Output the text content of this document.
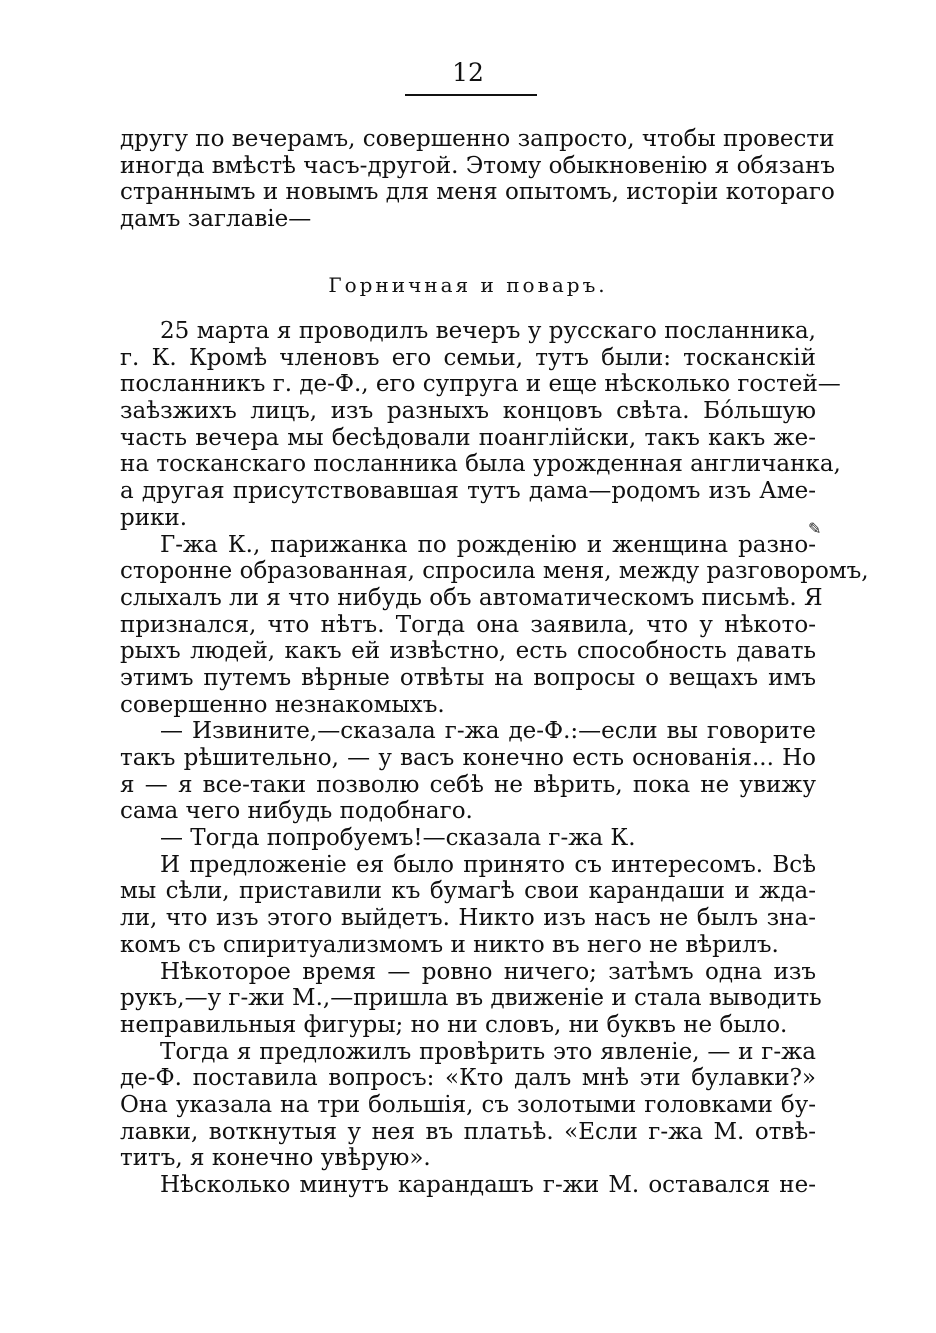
12
другу по вечерамъ, совершенно запросто, чтобы провести
иногда вмѣстѣ часъ-другой. Этому обыкновенію я обязанъ
страннымъ и новымъ для меня опытомъ, исторіи котораго
дамъ заглавіе—
Горничная и поваръ.
25 марта я проводилъ вечеръ у русскаго посланника,
г. К. Кромѣ членовъ его семьи, тутъ были: тосканскій
посланникъ г. де-Ф., его супруга и еще нѣсколько гостей—
заѣзжихъ лицъ, изъ разныхъ концовъ свѣта. Бо́льшую
часть вечера мы бесѣдовали поанглійски, такъ какъ же-
на тосканскаго посланника была урожденная англичанка,
а другая присутствовавшая тутъ дама—родомъ изъ Аме-
рики.
Г-жа К., парижанка по рожденію и женщина разно-
сторонне образованная, спросила меня, между разговоромъ,
слыхалъ ли я что нибудь объ автоматическомъ письмѣ. Я
признался, что нѣтъ. Тогда она заявила, что у нѣкото-
рыхъ людей, какъ ей извѣстно, есть способность давать
этимъ путемъ вѣрные отвѣты на вопросы о вещахъ имъ
совершенно незнакомыхъ.
— Извините,—сказала г-жа де-Ф.:—если вы говорите
такъ рѣшительно, — у васъ конечно есть основанія... Но
я — я все-таки позволю себѣ не вѣрить, пока не увижу
сама чего нибудь подобнаго.
— Тогда попробуемъ!—сказала г-жа К.
И предложеніе ея было принято съ интересомъ. Всѣ
мы сѣли, приставили къ бумагѣ свои карандаши и жда-
ли, что изъ этого выйдетъ. Никто изъ насъ не былъ зна-
комъ съ спиритуализмомъ и никто въ него не вѣрилъ.
Нѣкоторое время — ровно ничего; затѣмъ одна изъ
рукъ,—у г-жи М.,—пришла въ движеніе и стала выводить
неправильныя фигуры; но ни словъ, ни буквъ не было.
Тогда я предложилъ провѣрить это явленіе, — и г-жа
де-Ф. поставила вопросъ: «Кто далъ мнѣ эти булавки?»
Она указала на три большія, съ золотыми головками бу-
лавки, воткнутыя у нея въ платьѣ. «Если г-жа М. отвѣ-
титъ, я конечно увѣрую».
Нѣсколько минутъ карандашъ г-жи М. оставался не-
✎
